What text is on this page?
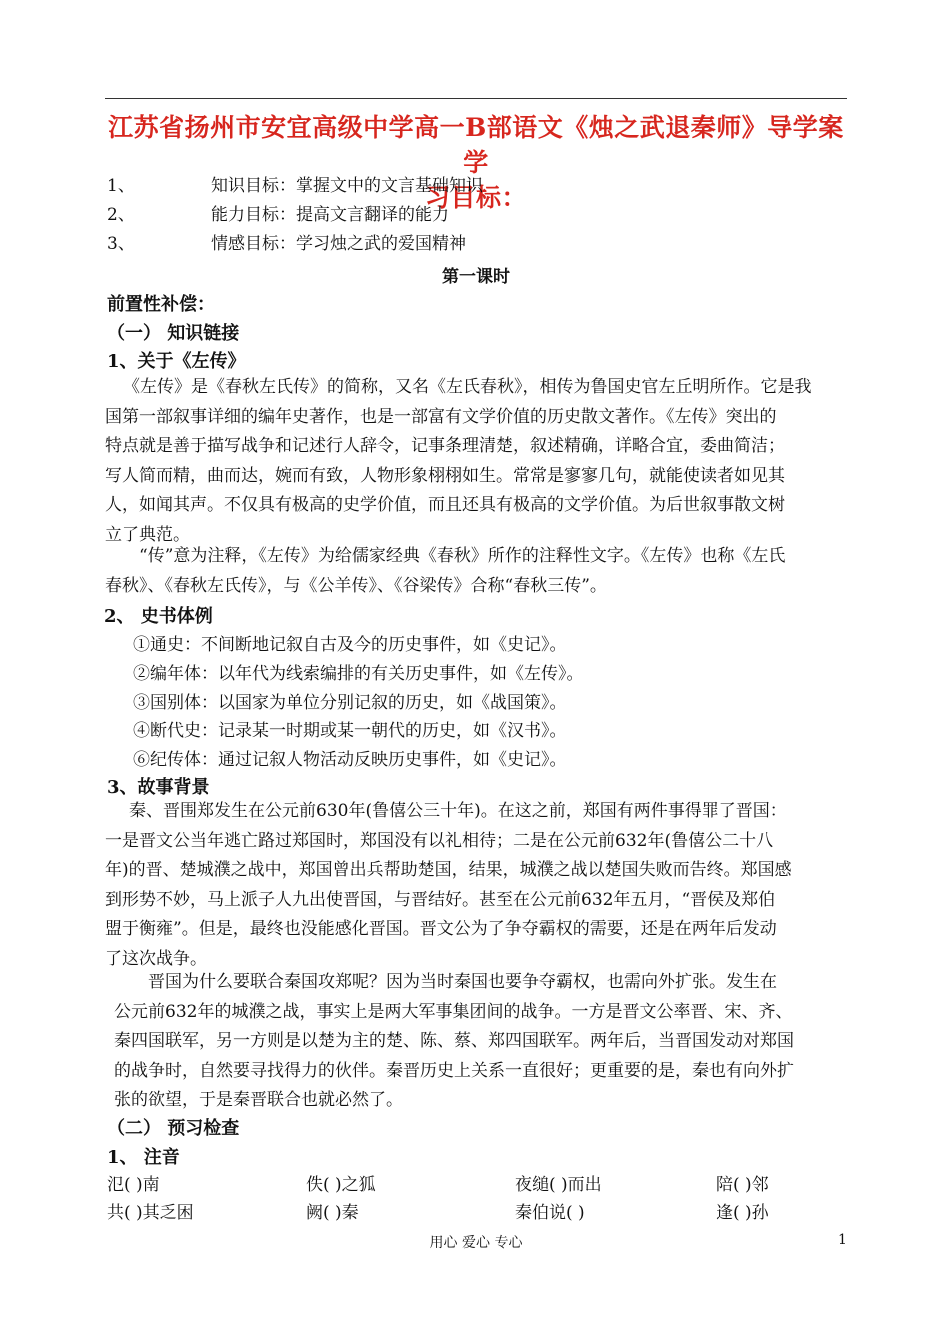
江苏省扬州市安宜高级中学高一B部语文《烛之武退秦师》导学案学
习目标：
1、	知识目标：掌握文中的文言基础知识
2、	能力目标：提高文言翻译的能力
3、	情感目标：学习烛之武的爱国精神
第一课时
前置性补偿：
（一） 知识链接
1、关于《左传》
《左传》是《春秋左氏传》的简称，又名《左氏春秋》，相传为鲁国史官左丘明所作。它是我
国第一部叙事详细的编年史著作，也是一部富有文学价值的历史散文著作。《左传》突出的
特点就是善于描写战争和记述行人辞令，记事条理清楚，叙述精确，详略合宜，委曲简洁；
写人简而精，曲而达，婉而有致，人物形象栩栩如生。常常是寥寥几句，就能使读者如见其
人，如闻其声。不仅具有极高的史学价值，而且还具有极高的文学价值。为后世叙事散文树
立了典范。
“传”意为注释，《左传》为给儒家经典《春秋》所作的注释性文字。《左传》也称《左氏
春秋》、《春秋左氏传》，与《公羊传》、《谷梁传》合称“春秋三传”。
2、 史书体例
①通史：不间断地记叙自古及今的历史事件，如《史记》。
②编年体：以年代为线索编排的有关历史事件，如《左传》。
③国别体：以国家为单位分别记叙的历史，如《战国策》。
④断代史：记录某一时期或某一朝代的历史，如《汉书》。
⑥纪传体：通过记叙人物活动反映历史事件，如《史记》。
3、故事背景
秦、晋围郑发生在公元前630年(鲁僖公三十年)。在这之前，郑国有两件事得罪了晋国：
一是晋文公当年逃亡路过郑国时，郑国没有以礼相待；二是在公元前632年(鲁僖公二十八
年)的晋、楚城濮之战中，郑国曾出兵帮助楚国，结果，城濮之战以楚国失败而告终。郑国感
到形势不妙，马上派子人九出使晋国，与晋结好。甚至在公元前632年五月，“晋侯及郑伯
盟于衡雍”。但是，最终也没能感化晋国。晋文公为了争夺霸权的需要，还是在两年后发动
了这次战争。
晋国为什么要联合秦国攻郑呢？因为当时秦国也要争夺霸权，也需向外扩张。发生在
公元前632年的城濮之战，事实上是两大军事集团间的战争。一方是晋文公率晋、宋、齐、
秦四国联军，另一方则是以楚为主的楚、陈、蔡、郑四国联军。两年后，当晋国发动对郑国
的战争时，自然要寻找得力的伙伴。秦晋历史上关系一直很好；更重要的是，秦也有向外扩
张的欲望，于是秦晋联合也就必然了。
（二） 预习检查
1、 注音
氾( )南	佚( )之狐	夜缒( )而出	陪( )邻
共( )其乏困	阙( )秦	秦伯说( )	逢( )孙
用心 爱心 专心	1
